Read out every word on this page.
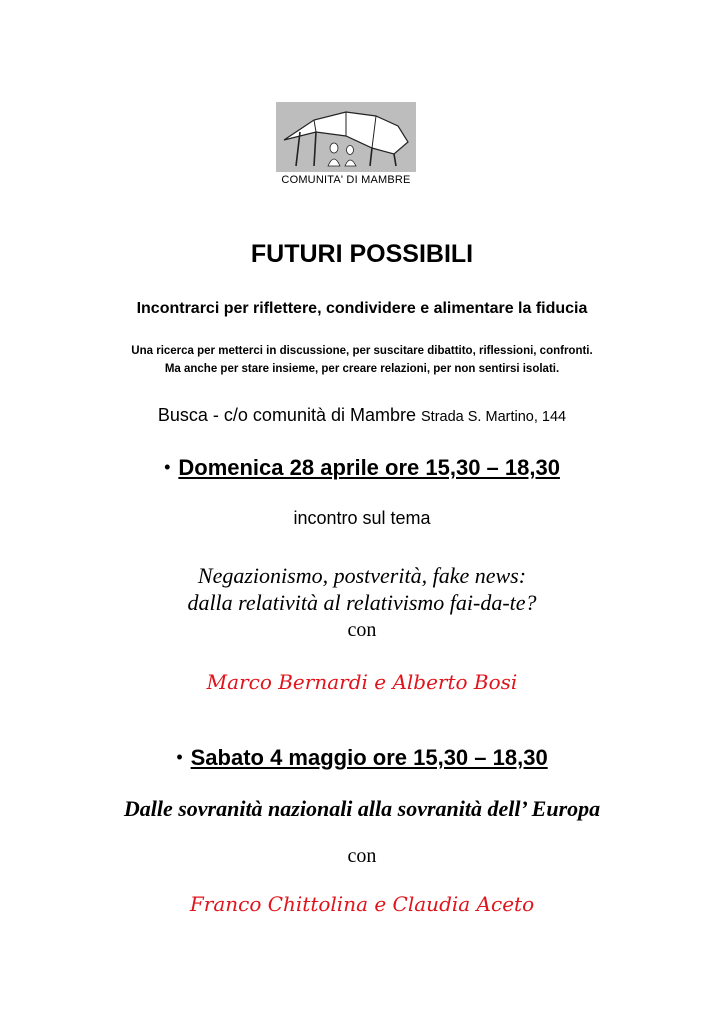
COMUNITA' DI MAMBRE
FUTURI POSSIBILI
Incontrarci per riflettere, condividere e alimentare la fiducia
Una ricerca per metterci in discussione, per suscitare dibattito, riflessioni, confronti.
Ma anche per stare insieme, per creare relazioni, per non sentirsi isolati.
Busca - c/o comunità di Mambre Strada S. Martino, 144
• Domenica 28 aprile ore 15,30 – 18,30
incontro sul tema
Negazionismo, postverità, fake news:
dalla relatività al relativismo fai-da-te?
con
Marco Bernardi e Alberto Bosi
• Sabato 4 maggio ore 15,30 – 18,30
Dalle sovranità nazionali alla sovranità dell’ Europa
con
Franco Chittolina e Claudia Aceto
